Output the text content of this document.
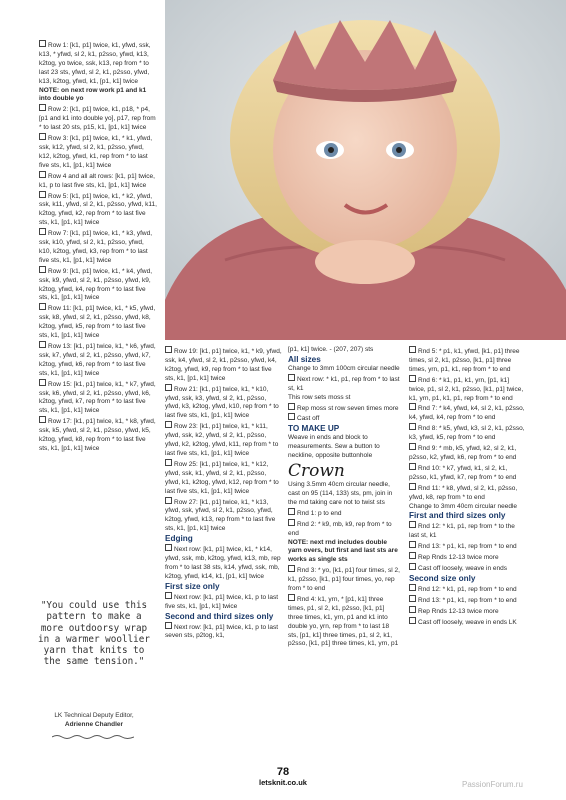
Row 1: [k1, p1] twice, k1, yfwd, ssk, k13, * yfwd, sl 2, k1, p2sso, yfwd, k13, k2tog, yo twice, ssk, k13, rep from * to last 23 sts, yfwd, sl 2, k1, p2sso, yfwd, k13, k2tog, yfwd, k1, [p1, k1] twice

NOTE: on next row work p1 and k1 into double yo

Row 2: [k1, p1] twice, k1, p18, * p4, [p1 and k1 into double yo], p17, rep from * to last 20 sts, p15, k1, [p1, k1] twice

Row 3: [k1, p1] twice, k1, * k1, yfwd, ssk, k12, yfwd, sl 2, k1, p2sso, yfwd, k12, k2tog, yfwd, k1, rep from * to last five sts, k1, [p1, k1] twice

Row 4 and all alt rows: [k1, p1] twice, k1, p to last five sts, k1, [p1, k1] twice

Row 5: [k1, p1] twice, k1, * k2, yfwd, ssk, k11, yfwd, sl 2, k1, p2sso, yfwd, k11, k2tog, yfwd, k2, rep from * to last five sts, k1, [p1, k1] twice

Row 7: [k1, p1] twice, k1, * k3, yfwd, ssk, k10, yfwd, sl 2, k1, p2sso, yfwd, k10, k2tog, yfwd, k3, rep from * to last five sts, k1, [p1, k1] twice

Row 9: [k1, p1] twice, k1, * k4, yfwd, ssk, k9, yfwd, sl 2, k1, p2sso, yfwd, k9, k2tog, yfwd, k4, rep from * to last five sts, k1, [p1, k1] twice

Row 11: [k1, p1] twice, k1, * k5, yfwd, ssk, k8, yfwd, sl 2, k1, p2sso, yfwd, k8, k2tog, yfwd, k5, rep from * to last five sts, k1, [p1, k1] twice

Row 13: [k1, p1] twice, k1, * k6, yfwd, ssk, k7, yfwd, sl 2, k1, p2sso, yfwd, k7, k2tog, yfwd, k6, rep from * to last five sts, k1, [p1, k1] twice

Row 15: [k1, p1] twice, k1, * k7, yfwd, ssk, k6, yfwd, sl 2, k1, p2sso, yfwd, k6, k2tog, yfwd, k7, rep from * to last five sts, k1, [p1, k1] twice

Row 17: [k1, p1] twice, k1, * k8, yfwd, ssk, k5, yfwd, sl 2, k1, p2sso, yfwd, k5, k2tog, yfwd, k8, rep from * to last five sts, k1, [p1, k1] twice

Row 19: [k1, p1] twice, k1, * k9, yfwd, ssk, k4, yfwd, sl 2, k1, p2sso, yfwd, k4, k2tog, yfwd, k9, rep from * to last five sts, k1, [p1, k1] twice

Row 21: [k1, p1] twice, k1, * k10, yfwd, ssk, k3, yfwd, sl 2, k1, p2sso, yfwd, k3, k2tog, yfwd, k10, rep from * to last five sts, k1, [p1, k1] twice

Row 23: [k1, p1] twice, k1, * k11, yfwd, ssk, k2, yfwd, sl 2, k1, p2sso, yfwd, k2, k2tog, yfwd, k11, rep from * to last five sts, k1, [p1, k1] twice

Row 25: [k1, p1] twice, k1, * k12, yfwd, ssk, k1, yfwd, sl 2, k1, p2sso, yfwd, k1, k2tog, yfwd, k12, rep from * to last five sts, k1, [p1, k1] twice

Row 27: [k1, p1] twice, k1, * k13, yfwd, ssk, yfwd, sl 2, k1, p2sso, yfwd, k2tog, yfwd, k13, rep from * to last five sts, k1, [p1, k1] twice

Edging

Next row: [k1, p1] twice, k1, * k14, yfwd, ssk, mb, k2tog, yfwd, k13, mb, rep from * to last 38 sts, k14, yfwd, ssk, mb, k2tog, yfwd, k14, k1, [p1, k1] twice

First size only

Next row: [k1, p1] twice, k1, p to last five sts, k1, [p1, k1] twice

Second and third sizes only

Next row: [k1, p1] twice, k1, p to last seven sts, p2tog, k1,

[p1, k1] twice. - (207, 207) sts

All sizes

Change to 3mm 100cm circular needle

Next row: * k1, p1, rep from * to last st, k1

This row sets moss st

Rep moss st row seven times more

Cast off

TO MAKE UP

Weave in ends and block to measurements. Sew a button to neckline, opposite buttonhole

Crown

Using 3.5mm 40cm circular needle, cast on 95 (114, 133) sts, pm, join in the rnd taking care not to twist sts

Rnd 1: p to end

Rnd 2: * k9, mb, k9, rep from * to end

NOTE: next rnd includes double yarn overs, but first and last sts are works as single sts

Rnd 3: * yo, [k1, p1] four times, sl 2, k1, p2sso, [k1, p1] four times, yo, rep from * to end

Rnd 4: k1, yrn, * [p1, k1] three times, p1, sl 2, k1, p2sso, [k1, p1] three times, k1, yrn, p1 and k1 into double yo, yrn, rep from * to last 18 sts, [p1, k1] three times, p1, sl 2, k1, p2sso, [k1, p1] three times, k1, yrn, p1

Rnd 5: * p1, k1, yfwd, [k1, p1] three times, sl 2, k1, p2sso, [k1, p1] three times, yrn, p1, k1, rep from * to end

Rnd 6: * k1, p1, k1, yrn, [p1, k1] twice, p1, sl 2, k1, p2sso, [k1, p1] twice, k1, yrn, p1, k1, p1, rep from * to end

Rnd 7: * k4, yfwd, k4, sl 2, k1, p2sso, k4, yfwd, k4, rep from * to end

Rnd 8: * k5, yfwd, k3, sl 2, k1, p2sso, k3, yfwd, k5, rep from * to end

Rnd 9: * mb, k5, yfwd, k2, sl 2, k1, p2sso, k2, yfwd, k6, rep from * to end

Rnd 10: * k7, yfwd, k1, sl 2, k1, p2sso, k1, yfwd, k7, rep from * to end

Rnd 11: * k8, yfwd, sl 2, k1, p2sso, yfwd, k8, rep from * to end

Change to 3mm 40cm circular needle

First and third sizes only

Rnd 12: * k1, p1, rep from * to the last st, k1

Rnd 13: * p1, k1, rep from * to end

Rep Rnds 12-13 twice more

Cast off loosely, weave in ends

Second size only

Rnd 12: * k1, p1, rep from * to end

Rnd 13: * p1, k1, rep from * to end

Rep Rnds 12-13 twice more

Cast off loosely, weave in ends LK

"You could use this pattern to make a more outdoorsy wrap in a warmer woollier yarn that knits to the same tension."
LK Technical Deputy Editor,
Adrienne Chandler
78
letsknit.co.uk	PassionForum.ru
